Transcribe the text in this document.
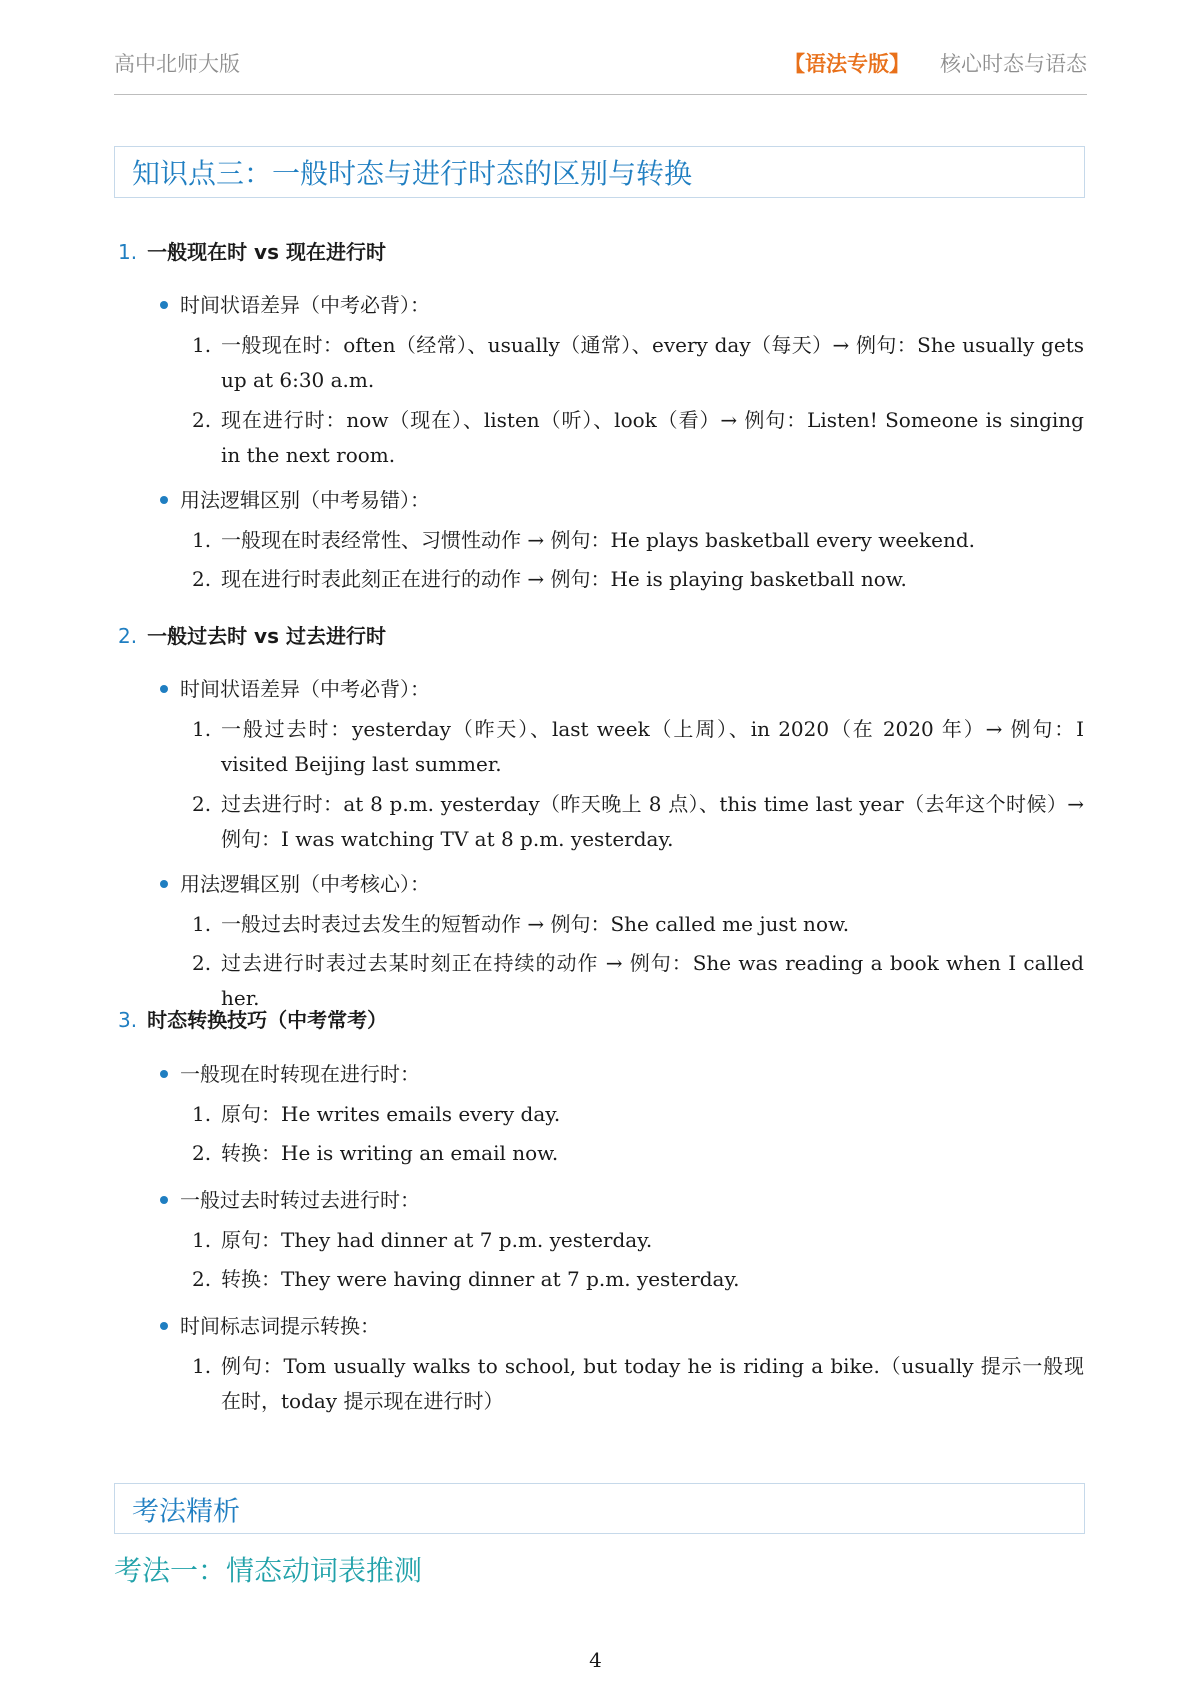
高中北师大版	【语法专版】 核心时态与语态
知识点三：一般时态与进行时态的区别与转换
1. 一般现在时 vs 现在进行时
时间状语差异（中考必背）：
1. 一般现在时：often（经常）、usually（通常）、every day（每天）→ 例句：She usually gets up at 6:30 a.m.
2. 现在进行时：now（现在）、listen（听）、look（看）→ 例句：Listen! Someone is singing in the next room.
用法逻辑区别（中考易错）：
1. 一般现在时表经常性、习惯性动作 → 例句：He plays basketball every weekend.
2. 现在进行时表此刻正在进行的动作 → 例句：He is playing basketball now.
2. 一般过去时 vs 过去进行时
时间状语差异（中考必背）：
1. 一般过去时：yesterday（昨天）、last week（上周）、in 2020（在 2020 年）→ 例句：I visited Beijing last summer.
2. 过去进行时：at 8 p.m. yesterday（昨天晚上 8 点）、this time last year（去年这个时候）→ 例句：I was watching TV at 8 p.m. yesterday.
用法逻辑区别（中考核心）：
1. 一般过去时表过去发生的短暂动作 → 例句：She called me just now.
2. 过去进行时表过去某时刻正在持续的动作 → 例句：She was reading a book when I called her.
3. 时态转换技巧（中考常考）
一般现在时转现在进行时：
1. 原句：He writes emails every day.
2. 转换：He is writing an email now.
一般过去时转过去进行时：
1. 原句：They had dinner at 7 p.m. yesterday.
2. 转换：They were having dinner at 7 p.m. yesterday.
时间标志词提示转换：
1. 例句：Tom usually walks to school, but today he is riding a bike.（usually 提示一般现在时，today 提示现在进行时）
考法精析
考法一：情态动词表推测
4
